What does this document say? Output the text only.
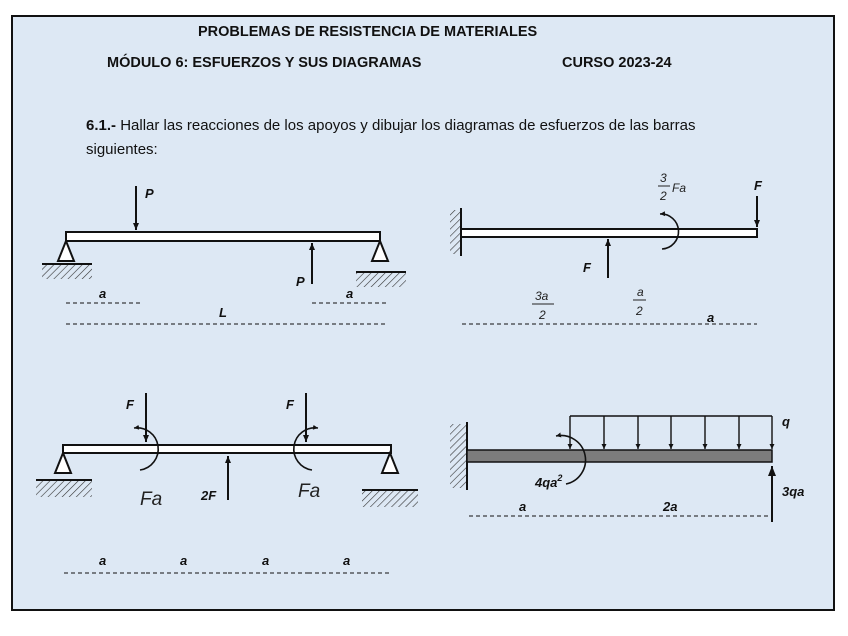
PROBLEMAS DE RESISTENCIA DE MATERIALES
MÓDULO 6: ESFUERZOS Y SUS DIAGRAMAS	CURSO 2023-24
6.1.- Hallar las reacciones de los apoyos y dibujar los diagramas de esfuerzos de las barras siguientes:
P
P
a	a
L
F
F
3
2
Fa
3a
2
a
2	a
F
Fa
F
Fa
2F
a	a	a	a
q
$4qa^2$
3qa
a	2a
